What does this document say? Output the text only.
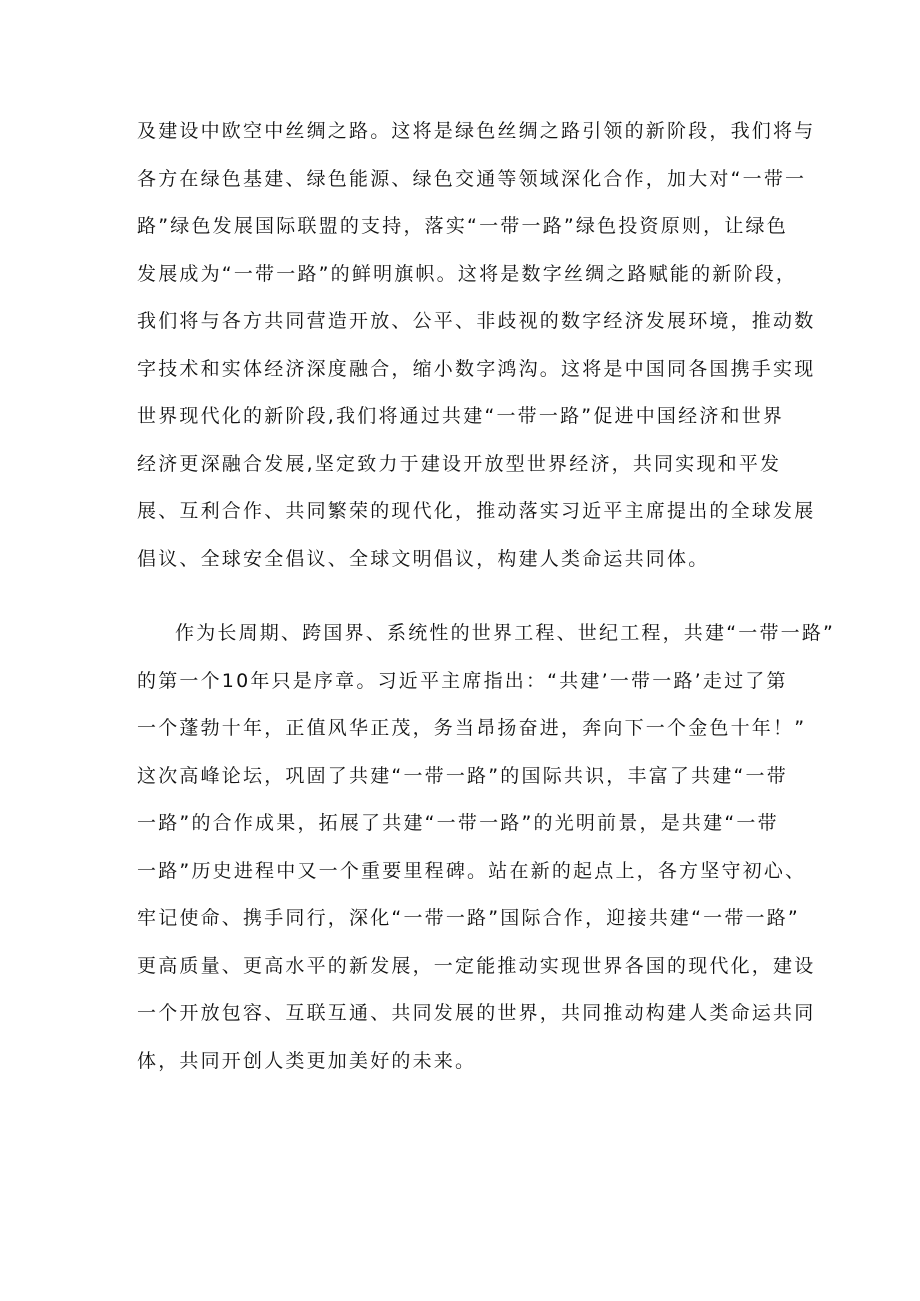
及建设中欧空中丝绸之路。这将是绿色丝绸之路引领的新阶段，我们将与
各方在绿色基建、绿色能源、绿色交通等领域深化合作，加大对“一带一
路”绿色发展国际联盟的支持，落实“一带一路”绿色投资原则，让绿色
发展成为“一带一路”的鲜明旗帜。这将是数字丝绸之路赋能的新阶段，
我们将与各方共同营造开放、公平、非歧视的数字经济发展环境，推动数
字技术和实体经济深度融合，缩小数字鸿沟。这将是中国同各国携手实现
世界现代化的新阶段,我们将通过共建“一带一路”促进中国经济和世界
经济更深融合发展,坚定致力于建设开放型世界经济，共同实现和平发
展、互利合作、共同繁荣的现代化，推动落实习近平主席提出的全球发展
倡议、全球安全倡议、全球文明倡议，构建人类命运共同体。
作为长周期、跨国界、系统性的世界工程、世纪工程，共建“一带一路”
的第一个10年只是序章。习近平主席指出：“共建’一带一路’走过了第
一个蓬勃十年，正值风华正茂，务当昂扬奋进，奔向下一个金色十年！”
这次高峰论坛，巩固了共建“一带一路”的国际共识，丰富了共建“一带
一路”的合作成果，拓展了共建“一带一路”的光明前景，是共建“一带
一路”历史进程中又一个重要里程碑。站在新的起点上，各方坚守初心、
牢记使命、携手同行，深化“一带一路”国际合作，迎接共建“一带一路”
更高质量、更高水平的新发展，一定能推动实现世界各国的现代化，建设
一个开放包容、互联互通、共同发展的世界，共同推动构建人类命运共同
体，共同开创人类更加美好的未来。
